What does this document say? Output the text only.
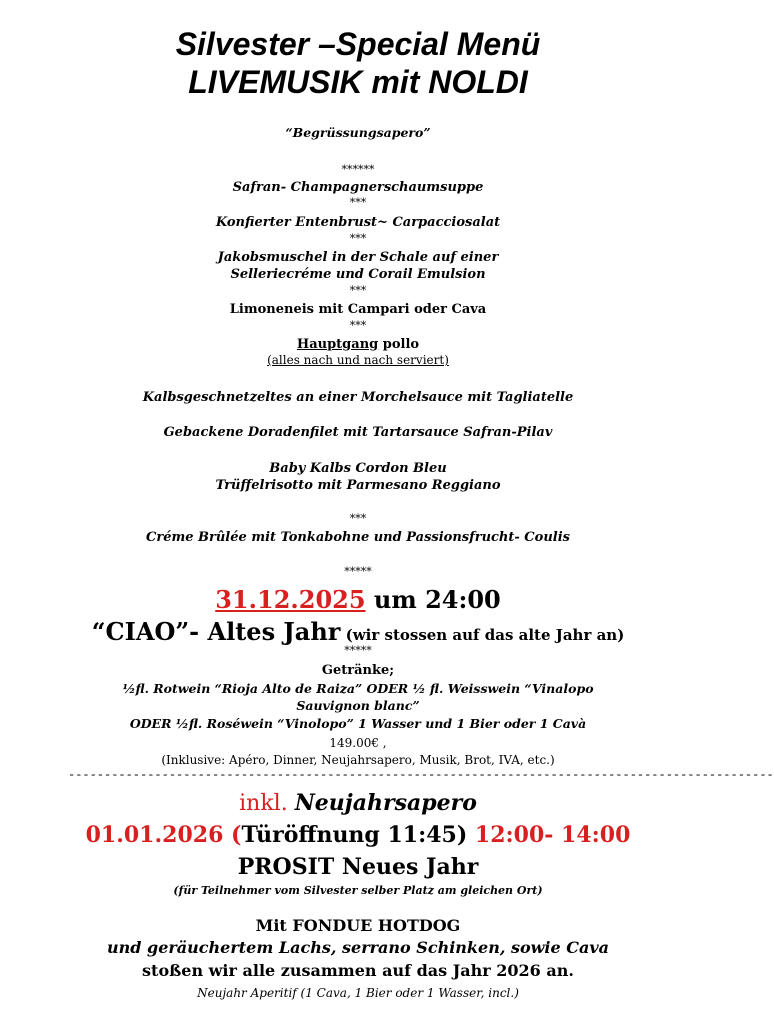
Silvester –Special Menü
LIVEMUSIK mit NOLDI
“Begrüssungsapero”
******
Safran- Champagnerschaumsuppe
***
Konfierter Entenbrust~ Carpacciosalat
***
Jakobsmuschel in der Schale auf einer
Selleriecréme und Corail Emulsion
***
Limoneneis mit Campari oder Cava
***
Hauptgang pollo
(alles nach und nach serviert)
Kalbsgeschnetzeltes an einer Morchelsauce mit Tagliatelle
Gebackene Doradenfilet mit Tartarsauce Safran-Pilav
Baby Kalbs Cordon Bleu
Trüffelrisotto mit Parmesano Reggiano
***
Créme Brûlée mit Tonkabohne und Passionsfrucht- Coulis
*****
31.12.2025 um 24:00
“CIAO”- Altes Jahr (wir stossen auf das alte Jahr an)
*****
Getränke;
½fl. Rotwein “Rioja Alto de Raiza” ODER ½ fl. Weisswein “Vinalopo
Sauvignon blanc”
ODER ½fl. Roséwein “Vinolopo” 1 Wasser und 1 Bier oder 1 Cavà
149.00€ ,
(Inklusive: Apéro, Dinner, Neujahrsapero, Musik, Brot, IVA, etc.)
--------------------------------------------------------------------------------------------------
inkl. Neujahrsapero
01.01.2026 (Türöffnung 11:45) 12:00- 14:00
PROSIT Neues Jahr
(für Teilnehmer vom Silvester selber Platz am gleichen Ort)
Mit FONDUE HOTDOG
und geräuchertem Lachs, serrano Schinken, sowie Cava
stoßen wir alle zusammen auf das Jahr 2026 an.
Neujahr Aperitif (1 Cava, 1 Bier oder 1 Wasser, incl.)
